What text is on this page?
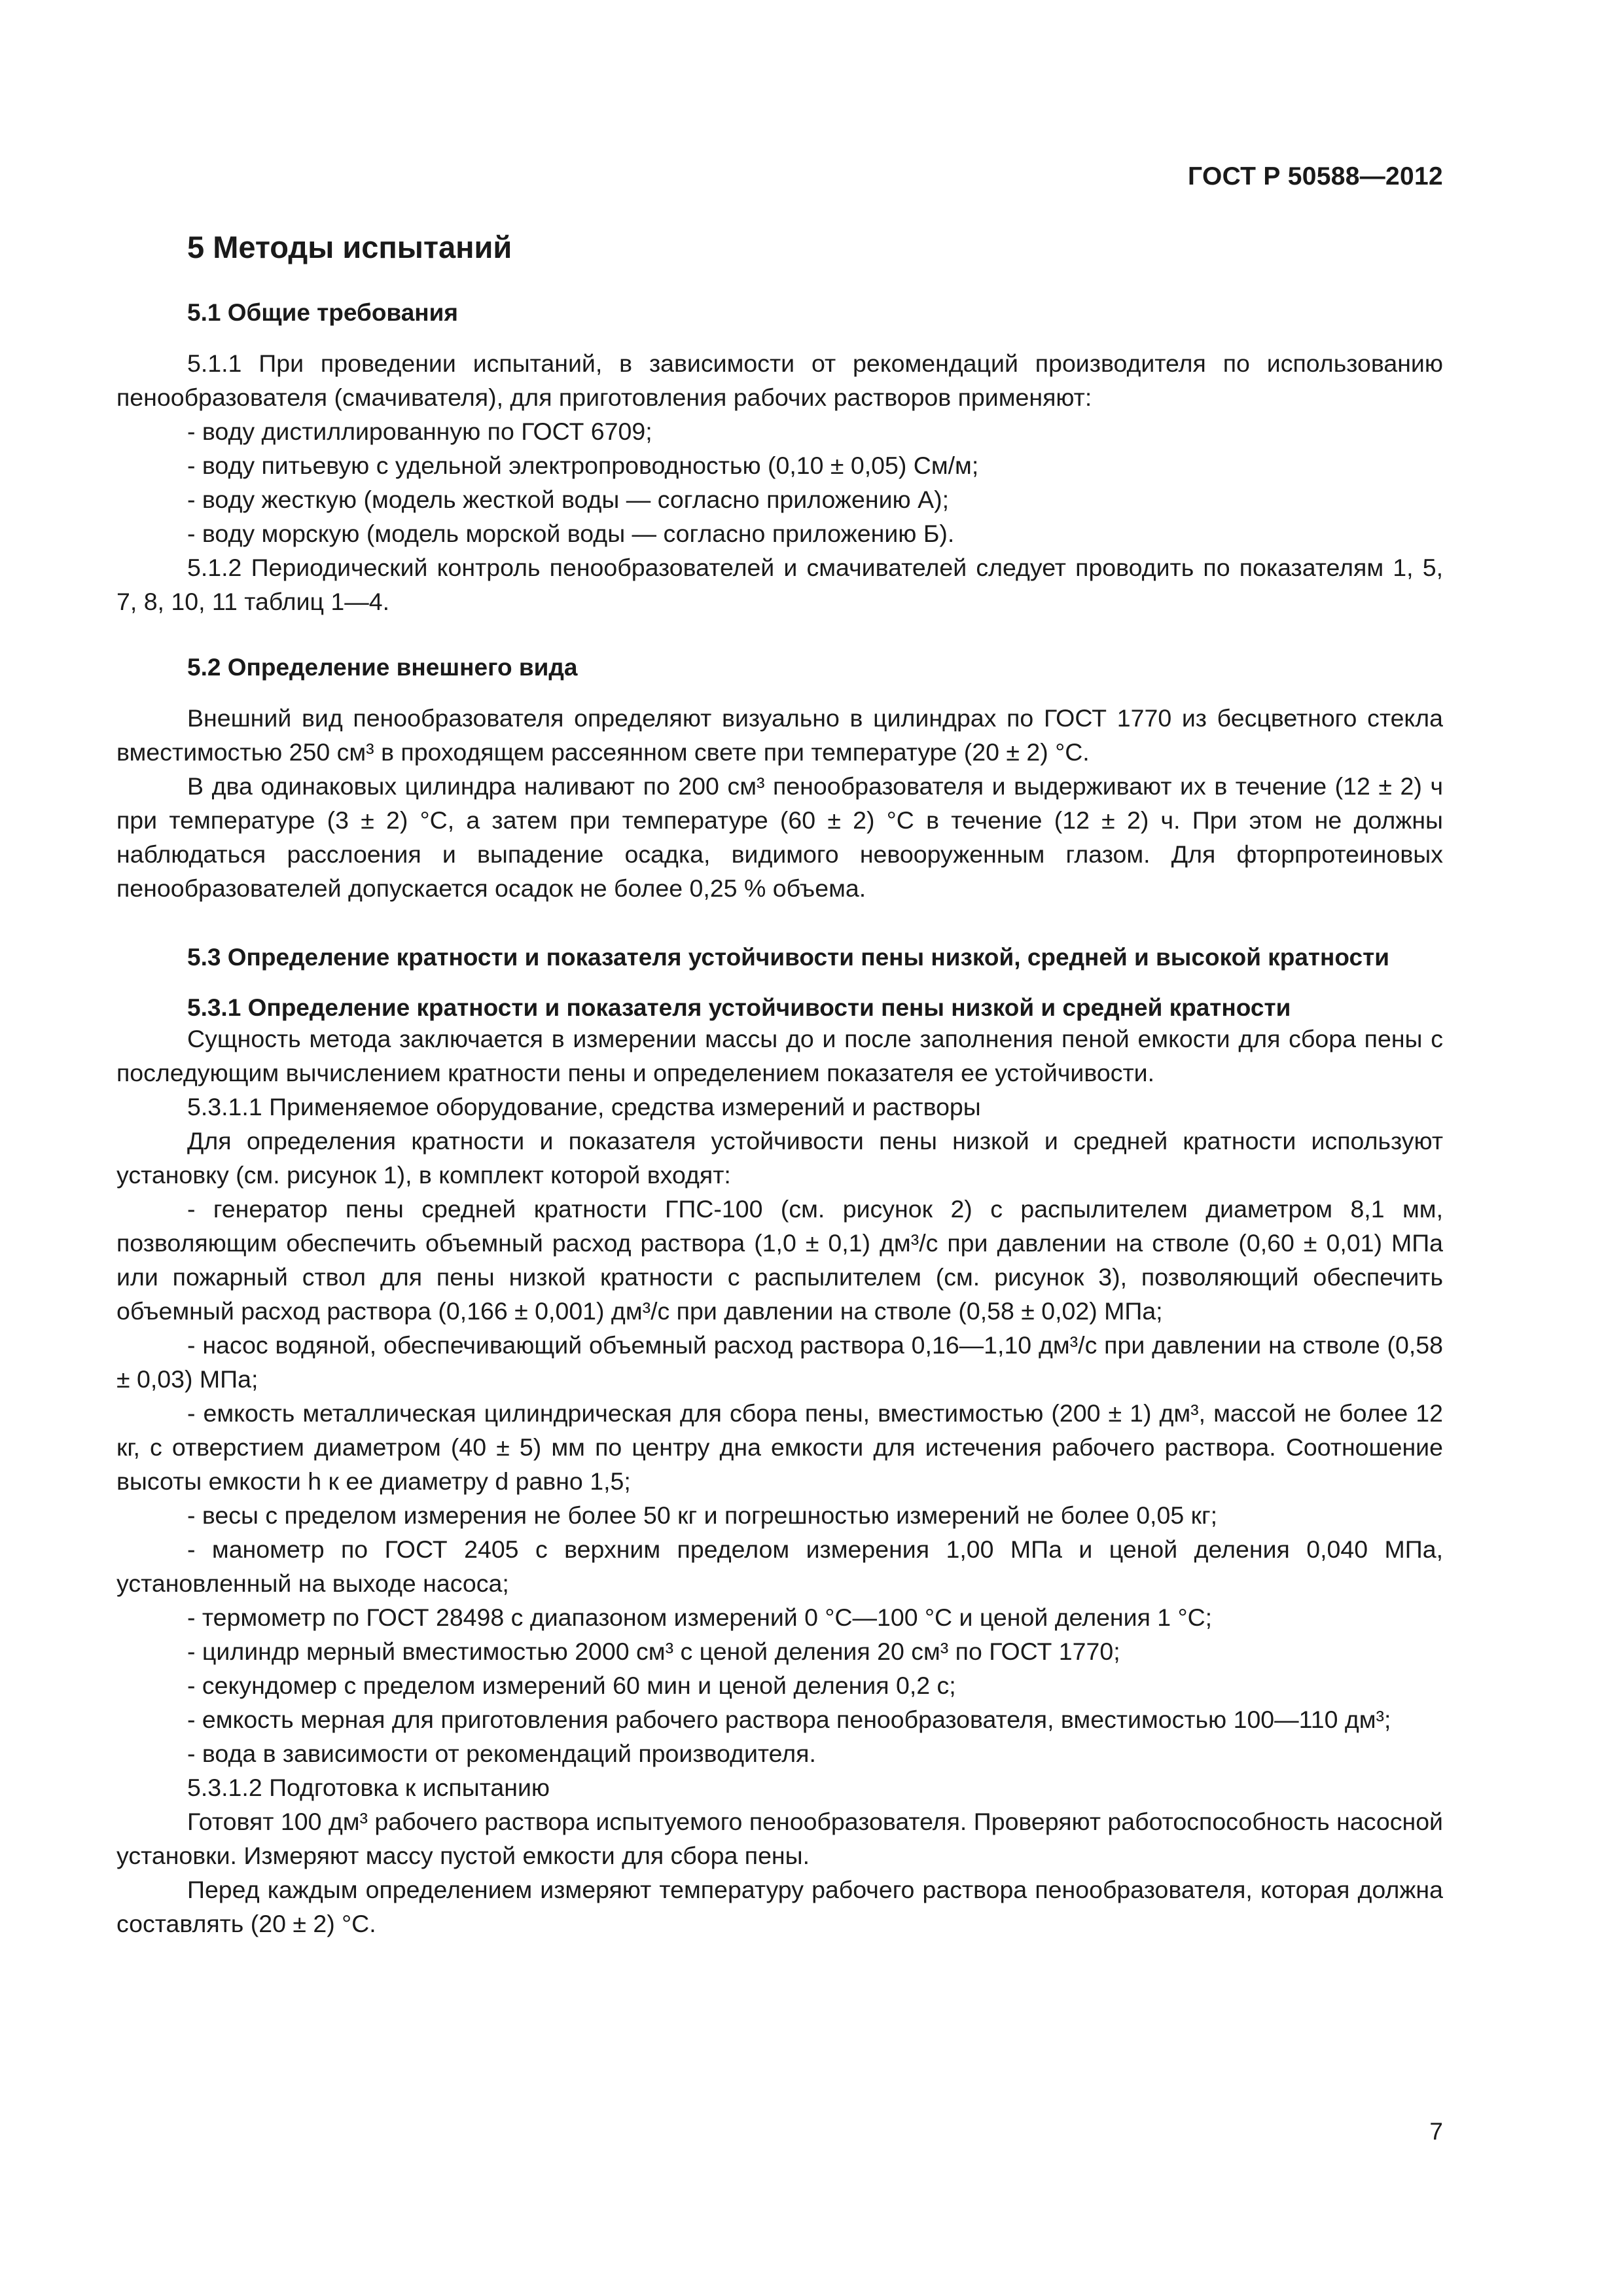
ГОСТ Р 50588—2012
5 Методы испытаний
5.1 Общие требования

5.1.1 При проведении испытаний, в зависимости от рекомендаций производителя по использованию пенообразователя (смачивателя), для приготовления рабочих растворов применяют:

- воду дистиллированную по ГОСТ 6709;

- воду питьевую с удельной электропроводностью (0,10 ± 0,05) См/м;

- воду жесткую (модель жесткой воды — согласно приложению А);

- воду морскую (модель морской воды — согласно приложению Б).

5.1.2 Периодический контроль пенообразователей и смачивателей следует проводить по показателям 1, 5, 7, 8, 10, 11 таблиц 1—4.

5.2 Определение внешнего вида

Внешний вид пенообразователя определяют визуально в цилиндрах по ГОСТ 1770 из бесцветного стекла вместимостью 250 см³ в проходящем рассеянном свете при температуре (20 ± 2) °С.

В два одинаковых цилиндра наливают по 200 см³ пенообразователя и выдерживают их в течение (12 ± 2) ч при температуре (3 ± 2) °С, а затем при температуре (60 ± 2) °С в течение (12 ± 2) ч. При этом не должны наблюдаться расслоения и выпадение осадка, видимого невооруженным глазом. Для фторпротеиновых пенообразователей допускается осадок не более 0,25 % объема.

5.3 Определение кратности и показателя устойчивости пены низкой, средней и высокой кратности
5.3.1 Определение кратности и показателя устойчивости пены низкой и средней кратности

Сущность метода заключается в измерении массы до и после заполнения пеной емкости для сбора пены с последующим вычислением кратности пены и определением показателя ее устойчивости.

5.3.1.1 Применяемое оборудование, средства измерений и растворы

Для определения кратности и показателя устойчивости пены низкой и средней кратности используют установку (см. рисунок 1), в комплект которой входят:

- генератор пены средней кратности ГПС-100 (см. рисунок 2) с распылителем диаметром 8,1 мм, позволяющим обеспечить объемный расход раствора (1,0 ± 0,1) дм³/с при давлении на стволе (0,60 ± 0,01) МПа или пожарный ствол для пены низкой кратности с распылителем (см. рисунок 3), позволяющий обеспечить объемный расход раствора (0,166 ± 0,001) дм³/с при давлении на стволе (0,58 ± 0,02) МПа;

- насос водяной, обеспечивающий объемный расход раствора 0,16—1,10 дм³/с при давлении на стволе (0,58 ± 0,03) МПа;

- емкость металлическая цилиндрическая для сбора пены, вместимостью (200 ± 1) дм³, массой не более 12 кг, с отверстием диаметром (40 ± 5) мм по центру дна емкости для истечения рабочего раствора. Соотношение высоты емкости h к ее диаметру d равно 1,5;

- весы с пределом измерения не более 50 кг и погрешностью измерений не более 0,05 кг;

- манометр по ГОСТ 2405 с верхним пределом измерения 1,00 МПа и ценой деления 0,040 МПа, установленный на выходе насоса;

- термометр по ГОСТ 28498 с диапазоном измерений 0 °С—100 °С и ценой деления 1 °С;

- цилиндр мерный вместимостью 2000 см³ с ценой деления 20 см³ по ГОСТ 1770;

- секундомер с пределом измерений 60 мин и ценой деления 0,2 с;

- емкость мерная для приготовления рабочего раствора пенообразователя, вместимостью 100—110 дм³;

- вода в зависимости от рекомендаций производителя.

5.3.1.2 Подготовка к испытанию

Готовят 100 дм³ рабочего раствора испытуемого пенообразователя. Проверяют работоспособность насосной установки. Измеряют массу пустой емкости для сбора пены.

Перед каждым определением измеряют температуру рабочего раствора пенообразователя, которая должна составлять (20 ± 2) °С.

7
